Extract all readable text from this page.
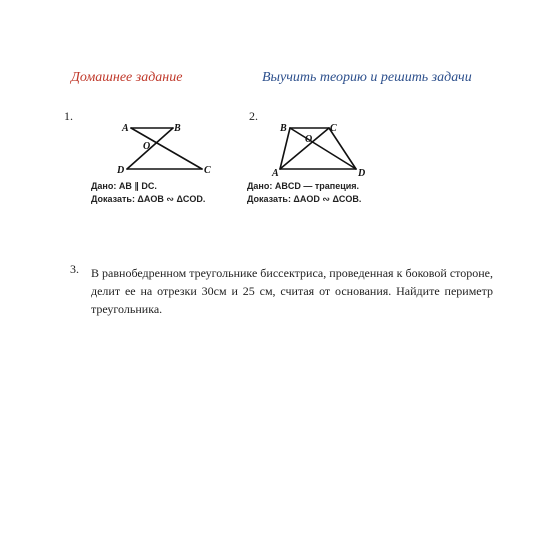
Домашнее задание	Выучить теорию и решить задачи
1.
A	B
O
D	C
Дано: AB ∥ DC.
Доказать: ΔAOB ∾ ΔCOD.
2.
B	C
O
A	D
Дано: ABCD — трапеция.
Доказать: ΔAOD ∾ ΔCOB.
3. В равнобедренном треугольнике биссектриса, проведенная к боковой стороне, делит ее на отрезки 30см и 25 см, считая от основания. Найдите периметр треугольника.
